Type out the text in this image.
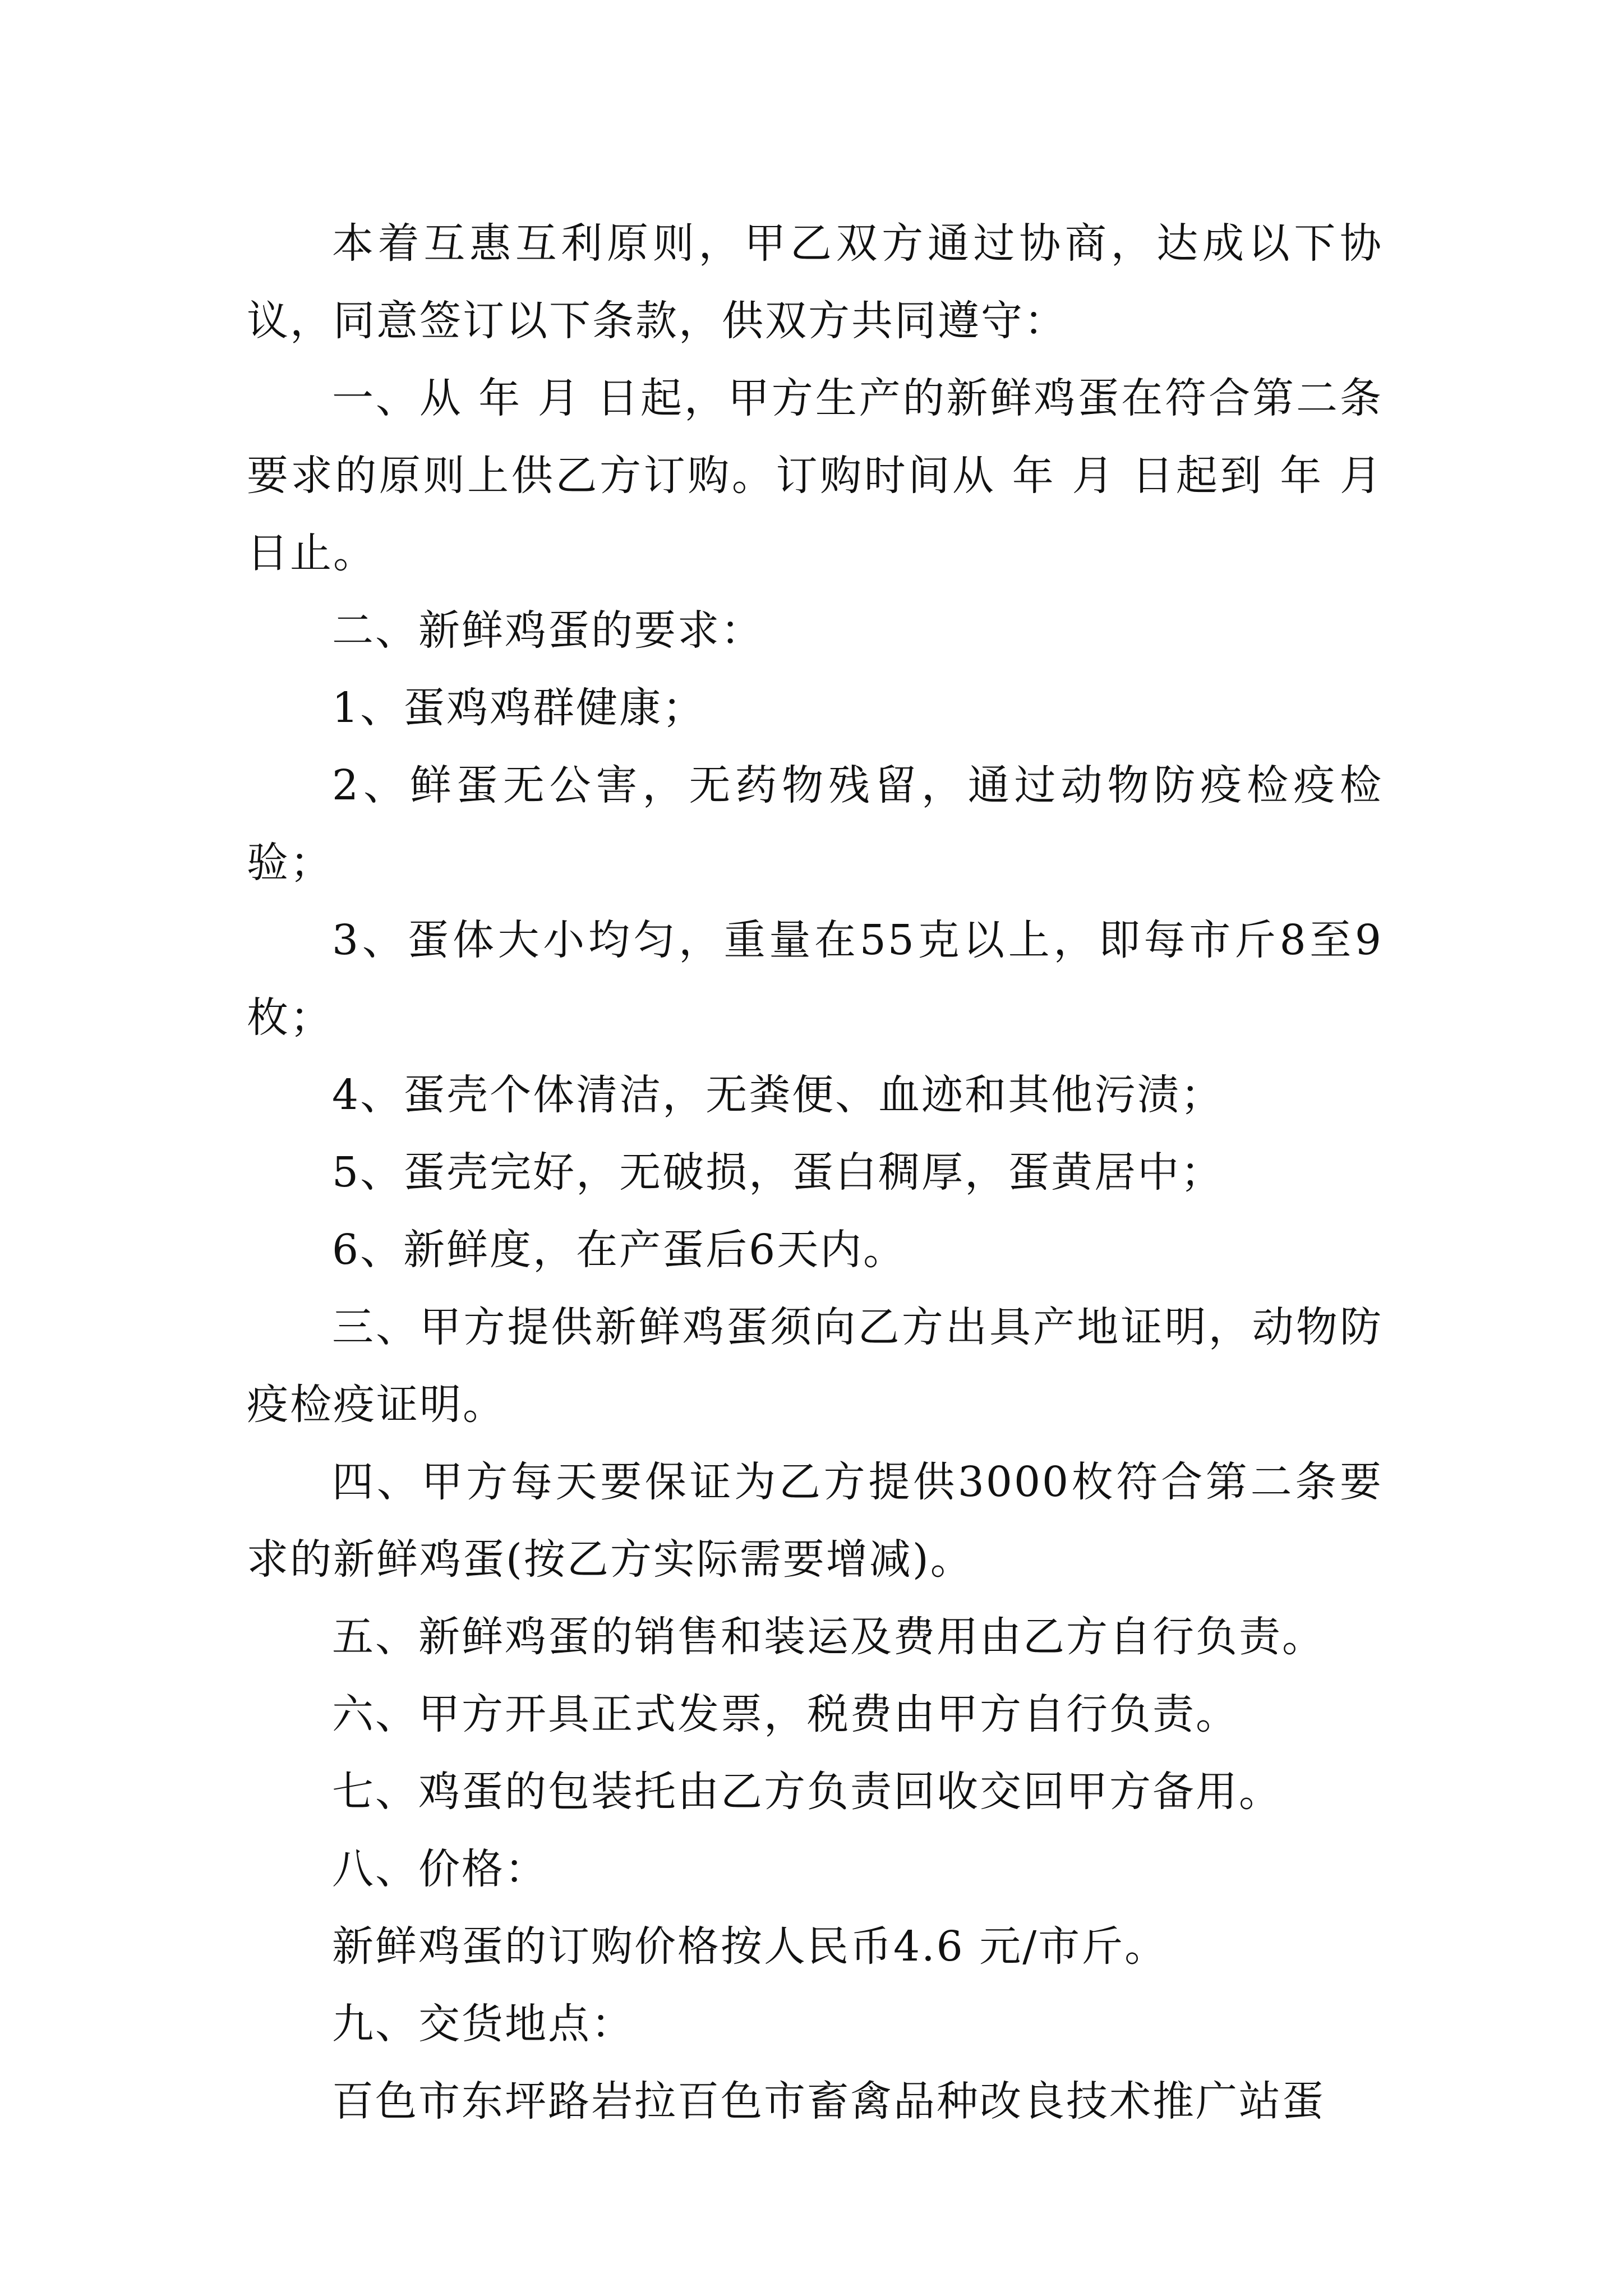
本着互惠互利原则，甲乙双方通过协商，达成以下协议，同意签订以下条款，供双方共同遵守：

一、从 年 月 日起，甲方生产的新鲜鸡蛋在符合第二条要求的原则上供乙方订购。订购时间从 年 月 日起到 年 月 日止。

二、新鲜鸡蛋的要求：

1、蛋鸡鸡群健康；

2、鲜蛋无公害，无药物残留，通过动物防疫检疫检验；

3、蛋体大小均匀，重量在55克以上，即每市斤8至9枚；

4、蛋壳个体清洁，无粪便、血迹和其他污渍；

5、蛋壳完好，无破损，蛋白稠厚，蛋黄居中；

6、新鲜度，在产蛋后6天内。

三、甲方提供新鲜鸡蛋须向乙方出具产地证明，动物防疫检疫证明。

四、甲方每天要保证为乙方提供3000枚符合第二条要求的新鲜鸡蛋(按乙方实际需要增减)。

五、新鲜鸡蛋的销售和装运及费用由乙方自行负责。

六、甲方开具正式发票，税费由甲方自行负责。

七、鸡蛋的包装托由乙方负责回收交回甲方备用。

八、价格：

新鲜鸡蛋的订购价格按人民币4.6 元/市斤。

九、交货地点：

百色市东坪路岩拉百色市畜禽品种改良技术推广站蛋
